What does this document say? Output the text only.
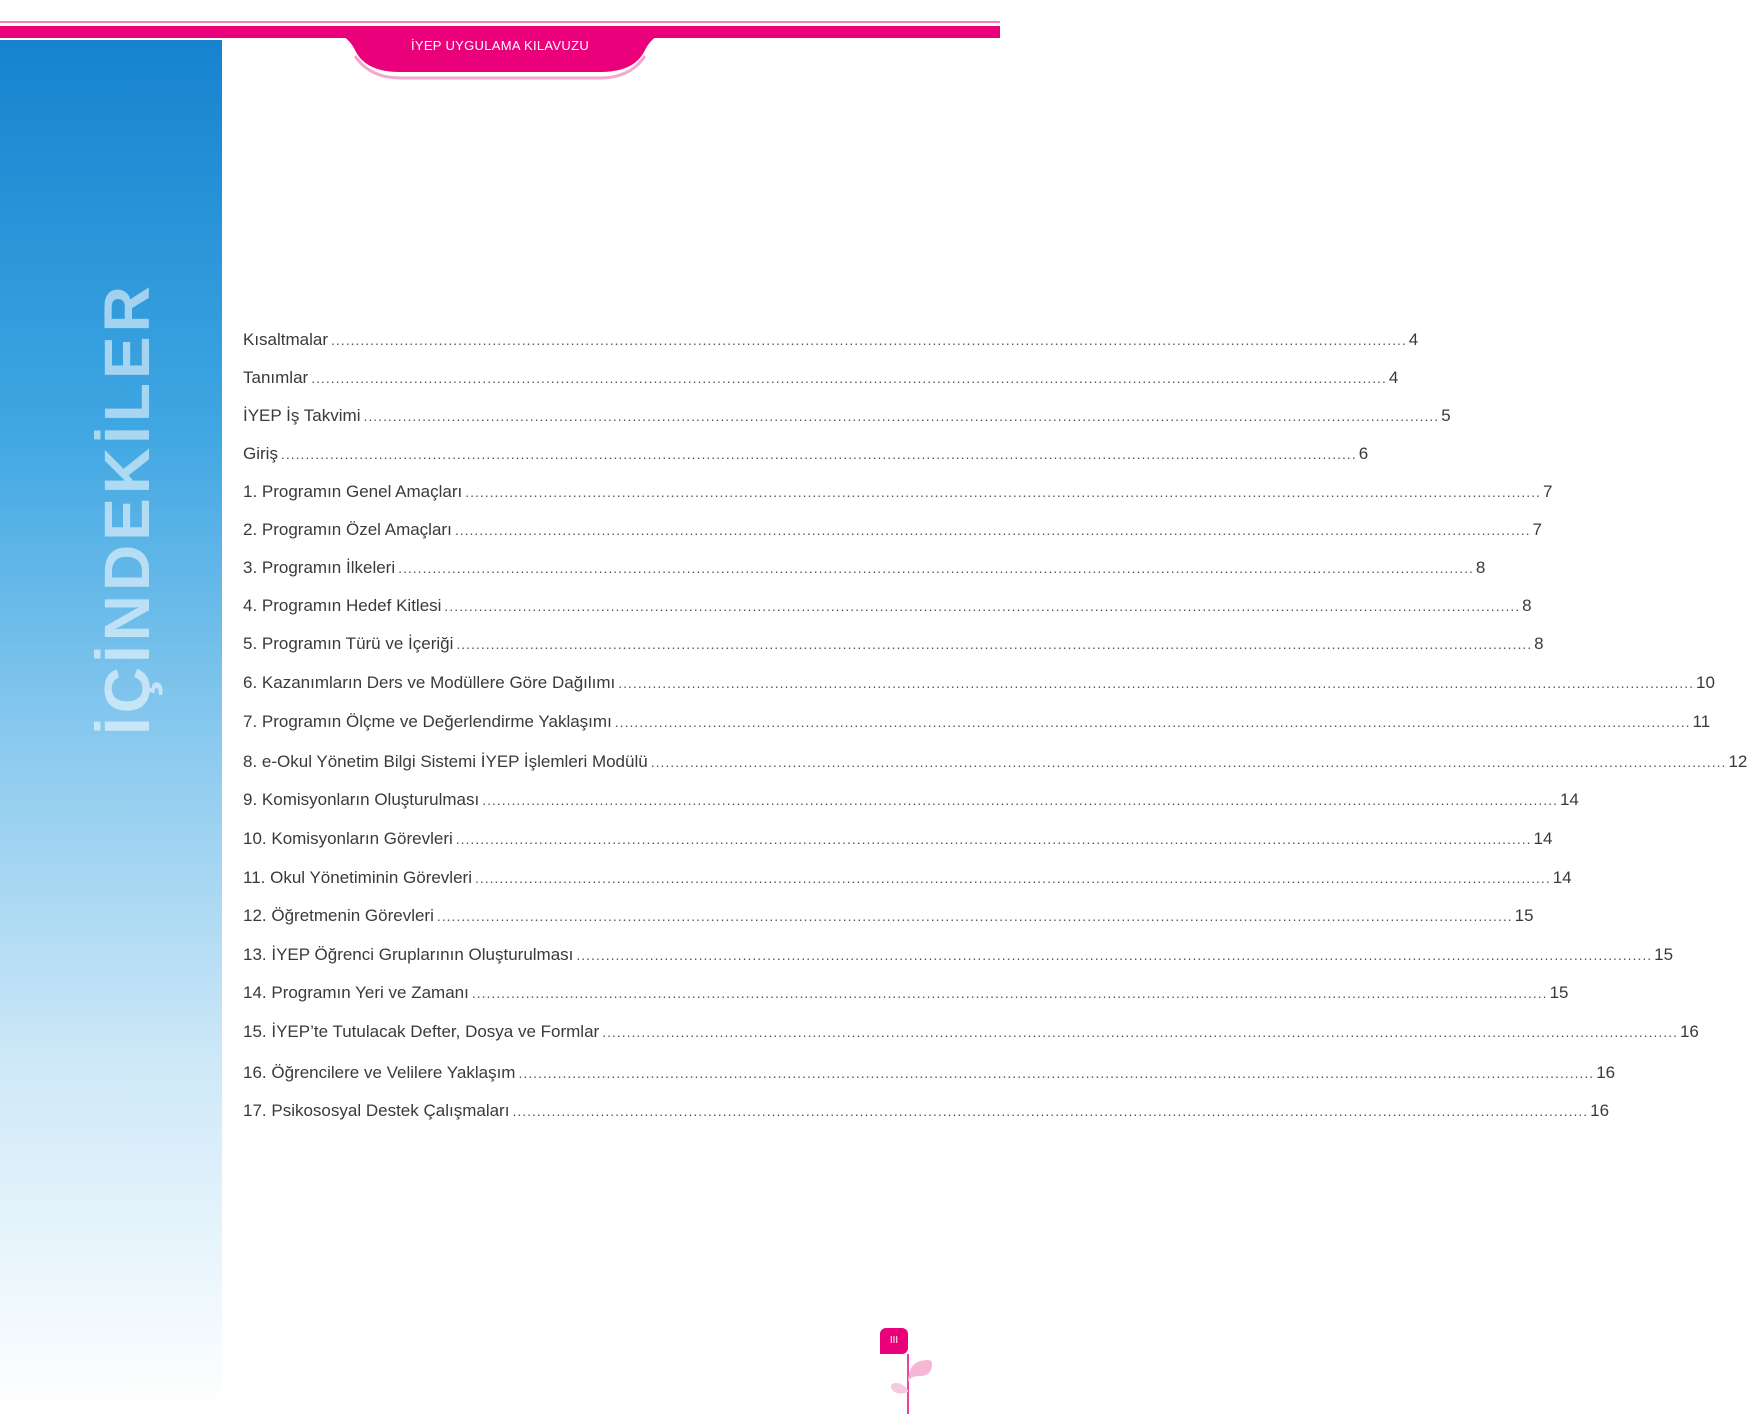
İYEP UYGULAMA KILAVUZU
İÇİNDEKİLER	Kısaltmalar ............................................................................................................................................................................................................................ 4
Tanımlar ............................................................................................................................................................................................................................ 4
İYEP İş Takvimi ............................................................................................................................................................................................................................ 5
Giriş ............................................................................................................................................................................................................................ 6
1. Programın Genel Amaçları ............................................................................................................................................................................................................................ 7
2. Programın Özel Amaçları ............................................................................................................................................................................................................................ 7
3. Programın İlkeleri ............................................................................................................................................................................................................................ 8
4. Programın Hedef Kitlesi ............................................................................................................................................................................................................................ 8
5. Programın Türü ve İçeriği ............................................................................................................................................................................................................................ 8
6. Kazanımların Ders ve Modüllere Göre Dağılımı ............................................................................................................................................................................................................................ 10
7. Programın Ölçme ve Değerlendirme Yaklaşımı ............................................................................................................................................................................................................................ 11
8. e-Okul Yönetim Bilgi Sistemi İYEP İşlemleri Modülü ............................................................................................................................................................................................................................ 12
9. Komisyonların Oluşturulması ............................................................................................................................................................................................................................ 14
10. Komisyonların Görevleri ............................................................................................................................................................................................................................ 14
11. Okul Yönetiminin Görevleri ............................................................................................................................................................................................................................ 14
12. Öğretmenin Görevleri ............................................................................................................................................................................................................................ 15
13. İYEP Öğrenci Gruplarının Oluşturulması ............................................................................................................................................................................................................................ 15
14. Programın Yeri ve Zamanı ............................................................................................................................................................................................................................ 15
15. İYEP’te Tutulacak Defter, Dosya ve Formlar ............................................................................................................................................................................................................................ 16
16. Öğrencilere ve Velilere Yaklaşım ............................................................................................................................................................................................................................ 16
17. Psikososyal Destek Çalışmaları ............................................................................................................................................................................................................................ 16
III
